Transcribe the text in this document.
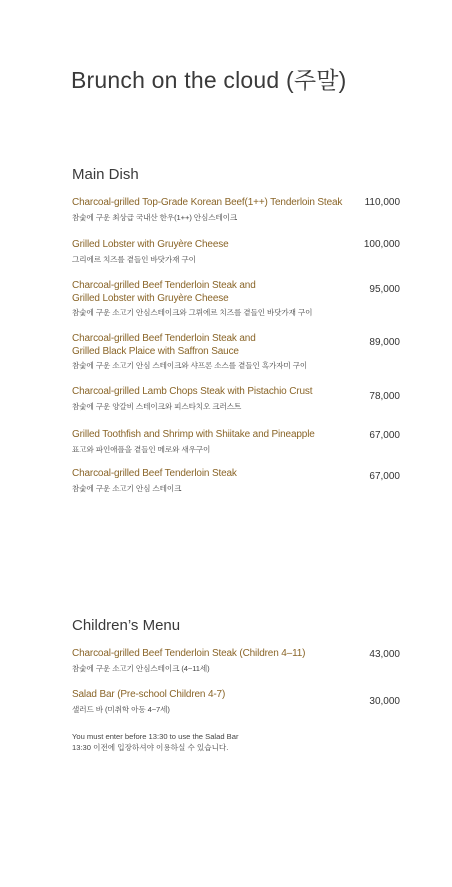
Brunch on the cloud (주말)
Main Dish
Charcoal-grilled Top-Grade Korean Beef(1++) Tenderloin Steak
참숯에 구운 최상급 국내산 한우(1++) 안심스테이크
110,000
Grilled Lobster with Gruyère Cheese
그리에르 치즈를 곁들인 바닷가재 구이
100,000
Charcoal-grilled Beef Tenderloin Steak and
Grilled Lobster with Gruyère Cheese
참숯에 구운 소고기 안심스테이크와 그뤼에르 치즈를 곁들인 바닷가재 구이
95,000
Charcoal-grilled Beef Tenderloin Steak and
Grilled Black Plaice with Saffron Sauce
참숯에 구운 소고기 안심 스테이크와 샤프론 소스를 곁들인 흑가자미 구이
89,000
Charcoal-grilled Lamb Chops Steak with Pistachio Crust
참숯에 구운 양갈비 스테이크와 피스타치오 크러스트
78,000
Grilled Toothfish and Shrimp with Shiitake and Pineapple
표고와 파인애플을 곁들인 메로와 새우구이
67,000
Charcoal-grilled Beef Tenderloin Steak
참숯에 구운 소고기 안심 스테이크
67,000
Children’s Menu
Charcoal-grilled Beef Tenderloin Steak (Children 4–11)
참숯에 구운 소고기 안심스테이크 (4~11세)
43,000
Salad Bar (Pre-school Children 4-7)
샐러드 바 (미취학 아동 4~7세)
30,000
You must enter before 13:30 to use the Salad Bar
13:30 이전에 입장하셔야 이용하실 수 있습니다.
